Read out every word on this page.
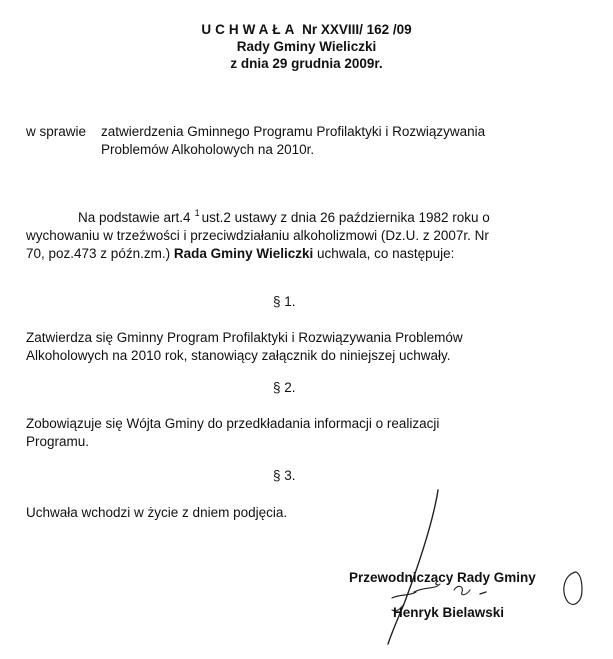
UCHWAŁA Nr XXVIII/ 162 /09
Rady Gminy Wieliczki
z dnia 29 grudnia 2009r.
w sprawie zatwierdzenia Gminnego Programu Profilaktyki i Rozwiązywania
Problemów Alkoholowych na 2010r.
Na podstawie art.4 $^1$ ust.2 ustawy z dnia 26 października 1982 roku o
wychowaniu w trzeźwości i przeciwdziałaniu alkoholizmowi (Dz.U. z 2007r. Nr
70, poz.473 z późn.zm.) Rada Gminy Wieliczki uchwala, co następuje:
§ 1.
Zatwierdza się Gminny Program Profilaktyki i Rozwiązywania Problemów
Alkoholowych na 2010 rok, stanowiący załącznik do niniejszej uchwały.
§ 2.
Zobowiązuje się Wójta Gminy do przedkładania informacji o realizacji
Programu.
§ 3.
Uchwała wchodzi w życie z dniem podjęcia.
Przewodniczący Rady Gminy
Henryk Bielawski
